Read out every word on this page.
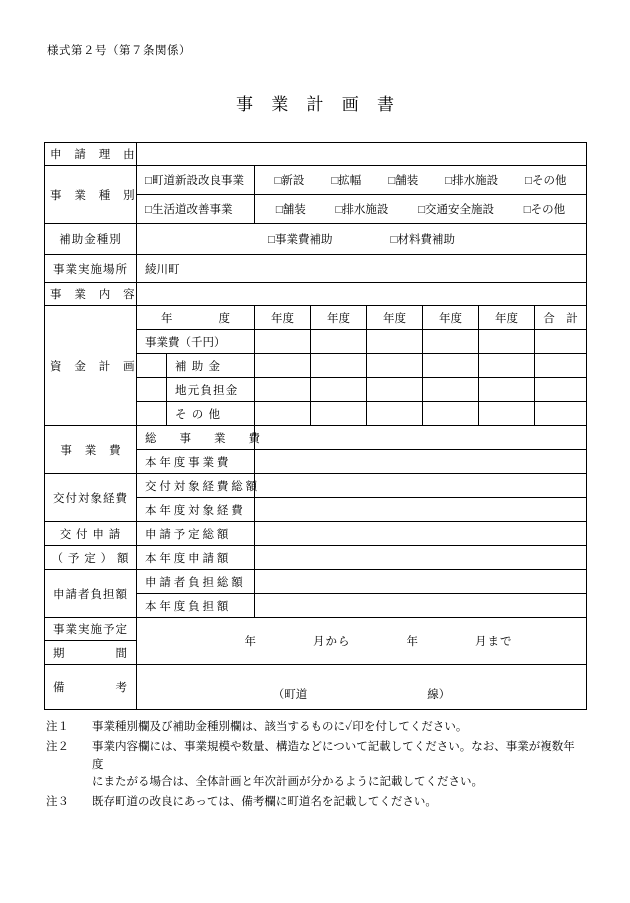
様式第２号（第７条関係）
事 業 計 画 書
申 請 理 由								
事 業 種 別	□町道新設改良事業		□新設 □拡幅 □舗装 □排水施設 □その他					

	□生活道改善事業		□舗装 □排水施設 □交通安全施設 □その他					

補助金種別	□事業費補助 □材料費補助							

事業実施場所	綾川町							
事 業 内 容								
資 金 計 画	年　　　　度		年度	年度	年度	年度	年度	合　計
	事業費（千円）							
		補 助 金						
		地元負担金						
		そ の 他						
事 業 費	総　　事　　業　　費							
	本 年 度 事 業 費							
交付対象経費	交 付 対 象 経 費 総 額							
	本 年 度 対 象 経 費							
交 付 申 請	申 請 予 定 総 額							
（ 予 定 ） 額	本 年 度 申 請 額							
申請者負担額	申 請 者 負 担 総 額							
	本 年 度 負 担 額							
事業実施予定	年 月から 年 月まで							

期　　　　間								
備　　　　考	（町道 線）							
注１	事業種別欄及び補助金種別欄は、該当するものに✓印を付してください。
注２	事業内容欄には、事業規模や数量、構造などについて記載してください。なお、事業が複数年度
にまたがる場合は、全体計画と年次計画が分かるように記載してください。
注３	既存町道の改良にあっては、備考欄に町道名を記載してください。
